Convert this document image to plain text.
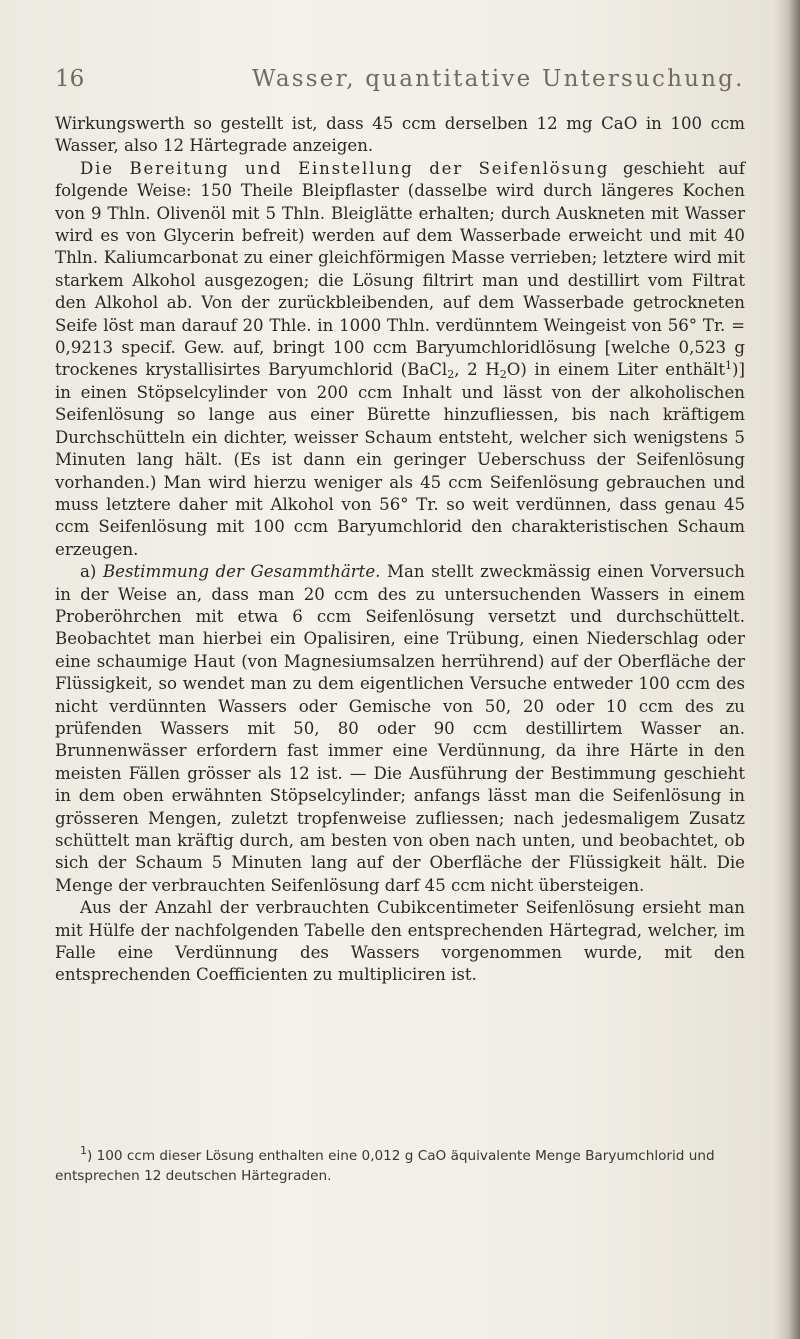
16	Wasser, quantitative Untersuchung.

Wirkungswerth so gestellt ist, dass 45 ccm derselben 12 mg CaO in 100 ccm Wasser, also 12 Härtegrade anzeigen.

Die Bereitung und Einstellung der Seifenlösung geschieht auf folgende Weise: 150 Theile Bleipflaster (dasselbe wird durch längeres Kochen von 9 Thln. Olivenöl mit 5 Thln. Bleiglätte erhalten; durch Auskneten mit Wasser wird es von Glycerin befreit) werden auf dem Wasserbade erweicht und mit 40 Thln. Kaliumcarbonat zu einer gleichförmigen Masse verrieben; letztere wird mit starkem Alkohol ausgezogen; die Lösung filtrirt man und destillirt vom Filtrat den Alkohol ab. Von der zurückbleibenden, auf dem Wasserbade getrockneten Seife löst man darauf 20 Thle. in 1000 Thln. verdünntem Weingeist von 56° Tr. = 0,9213 specif. Gew. auf, bringt 100 ccm Baryumchloridlösung [welche 0,523 g trockenes krystallisirtes Baryumchlorid (BaCl$_2$, 2 $H_2O$) in einem Liter enthält$^1$)] in einen Stöpselcylinder von 200 ccm Inhalt und lässt von der alkoholischen Seifenlösung so lange aus einer Bürette hinzufliessen, bis nach kräftigem Durchschütteln ein dichter, weisser Schaum entsteht, welcher sich wenigstens 5 Minuten lang hält. (Es ist dann ein geringer Ueberschuss der Seifenlösung vorhanden.) Man wird hierzu weniger als 45 ccm Seifenlösung gebrauchen und muss letztere daher mit Alkohol von 56° Tr. so weit verdünnen, dass genau 45 ccm Seifenlösung mit 100 ccm Baryumchlorid den charakteristischen Schaum erzeugen.

a) Bestimmung der Gesammthärte. Man stellt zweckmässig einen Vorversuch in der Weise an, dass man 20 ccm des zu untersuchenden Wassers in einem Proberöhrchen mit etwa 6 ccm Seifenlösung versetzt und durchschüttelt. Beobachtet man hierbei ein Opalisiren, eine Trübung, einen Niederschlag oder eine schaumige Haut (von Magnesiumsalzen herrührend) auf der Oberfläche der Flüssigkeit, so wendet man zu dem eigentlichen Versuche entweder 100 ccm des nicht verdünnten Wassers oder Gemische von 50, 20 oder 10 ccm des zu prüfenden Wassers mit 50, 80 oder 90 ccm destillirtem Wasser an. Brunnenwässer erfordern fast immer eine Verdünnung, da ihre Härte in den meisten Fällen grösser als 12 ist. — Die Ausführung der Bestimmung geschieht in dem oben erwähnten Stöpselcylinder; anfangs lässt man die Seifenlösung in grösseren Mengen, zuletzt tropfenweise zufliessen; nach jedesmaligem Zusatz schüttelt man kräftig durch, am besten von oben nach unten, und beobachtet, ob sich der Schaum 5 Minuten lang auf der Oberfläche der Flüssigkeit hält. Die Menge der verbrauchten Seifenlösung darf 45 ccm nicht übersteigen.

Aus der Anzahl der verbrauchten Cubikcentimeter Seifenlösung ersieht man mit Hülfe der nachfolgenden Tabelle den entsprechenden Härtegrad, welcher, im Falle eine Verdünnung des Wassers vorgenommen wurde, mit den entsprechenden Coefficienten zu multipliciren ist.

$^1$) 100 ccm dieser Lösung enthalten eine 0,012 g CaO äquivalente Menge Baryumchlorid und entsprechen 12 deutschen Härtegraden.
